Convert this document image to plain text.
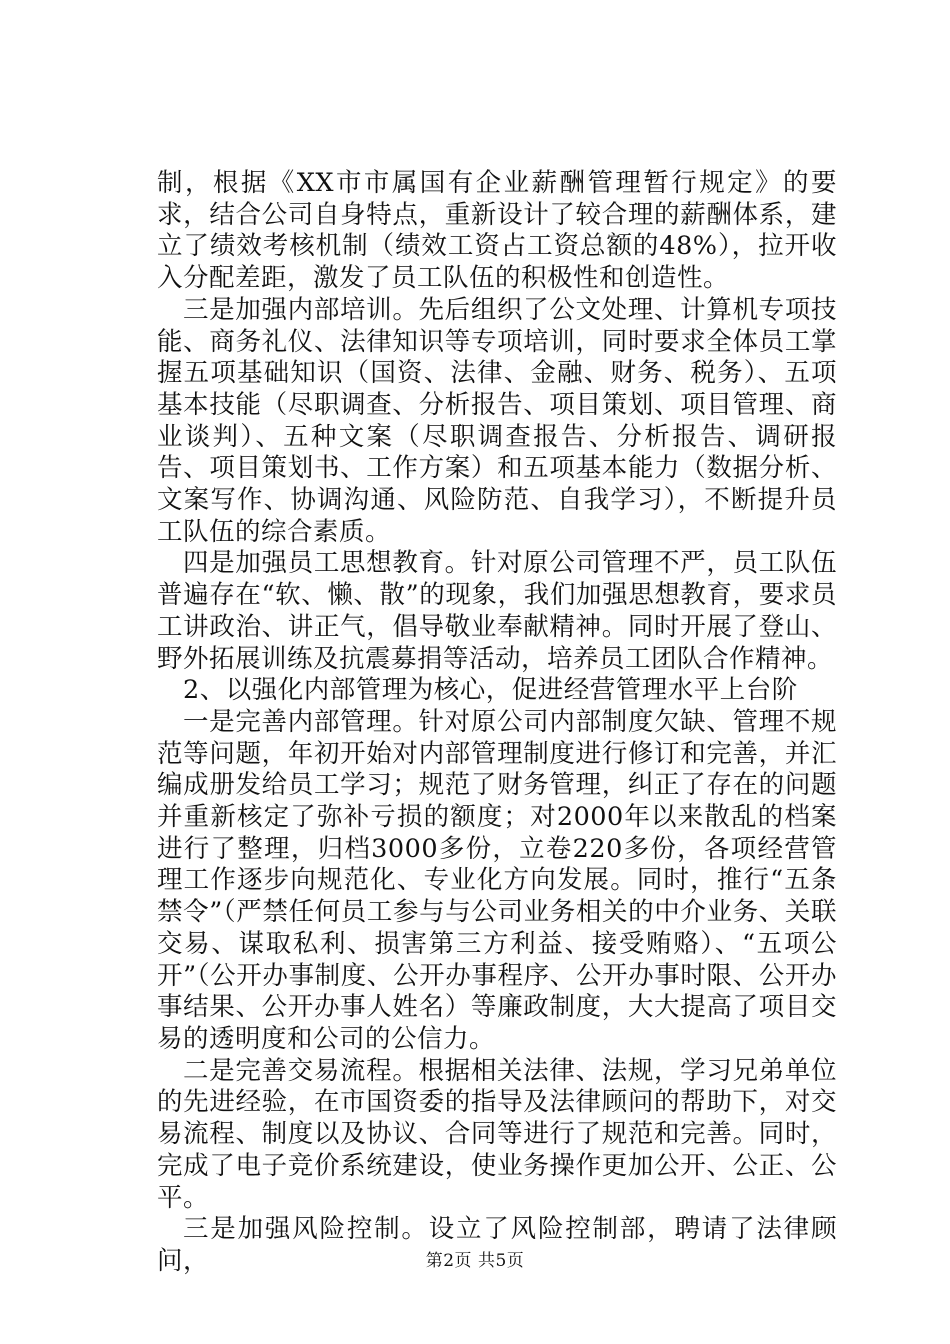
制，根据《XX市市属国有企业薪酬管理暂行规定》的要求，结合公司自身特点，重新设计了较合理的薪酬体系，建立了绩效考核机制（绩效工资占工资总额的48%），拉开收入分配差距，激发了员工队伍的积极性和创造性。

三是加强内部培训。先后组织了公文处理、计算机专项技能、商务礼仪、法律知识等专项培训，同时要求全体员工掌握五项基础知识（国资、法律、金融、财务、税务）、五项基本技能（尽职调查、分析报告、项目策划、项目管理、商业谈判）、五种文案（尽职调查报告、分析报告、调研报告、项目策划书、工作方案）和五项基本能力（数据分析、文案写作、协调沟通、风险防范、自我学习），不断提升员工队伍的综合素质。

四是加强员工思想教育。针对原公司管理不严，员工队伍普遍存在“软、懒、散”的现象，我们加强思想教育，要求员工讲政治、讲正气，倡导敬业奉献精神。同时开展了登山、野外拓展训练及抗震募捐等活动，培养员工团队合作精神。

2、以强化内部管理为核心，促进经营管理水平上台阶

一是完善内部管理。针对原公司内部制度欠缺、管理不规范等问题，年初开始对内部管理制度进行修订和完善，并汇编成册发给员工学习；规范了财务管理，纠正了存在的问题并重新核定了弥补亏损的额度；对2000年以来散乱的档案进行了整理，归档3000多份，立卷220多份，各项经营管理工作逐步向规范化、专业化方向发展。同时，推行“五条禁令”（严禁任何员工参与与公司业务相关的中介业务、关联交易、谋取私利、损害第三方利益、接受贿赂）、“五项公开”（公开办事制度、公开办事程序、公开办事时限、公开办事结果、公开办事人姓名）等廉政制度，大大提高了项目交易的透明度和公司的公信力。

二是完善交易流程。根据相关法律、法规，学习兄弟单位的先进经验，在市国资委的指导及法律顾问的帮助下，对交易流程、制度以及协议、合同等进行了规范和完善。同时，完成了电子竞价系统建设，使业务操作更加公开、公正、公平。

三是加强风险控制。设立了风险控制部，聘请了法律顾问，	第2页 共5页
